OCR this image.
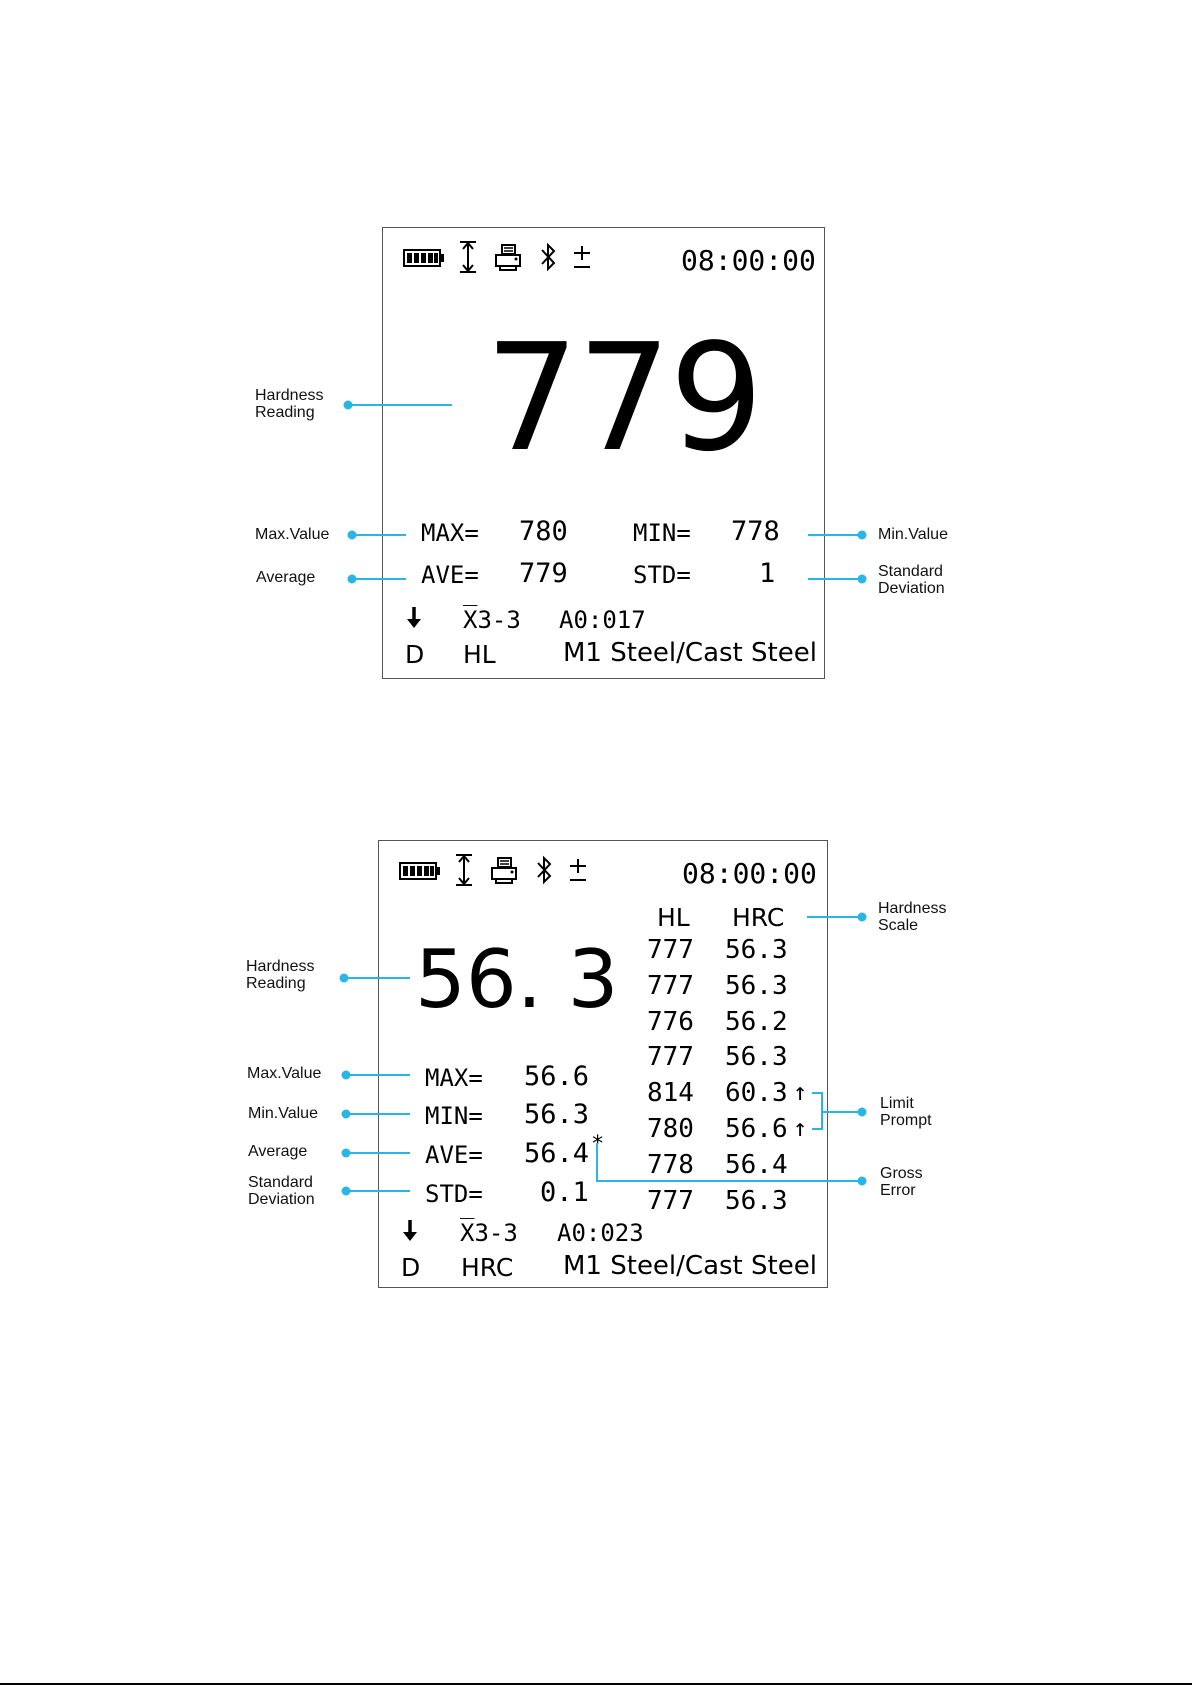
08:00:00
779
MAX= 780	MIN= 778
AVE= 779	STD=	1
X̅3-3 A0:017
D HL	M1 Steel/Cast Steel
08:00:00
56. 3
MAX= 56.6
MIN= 56.3
AVE= 56.4 *
STD= 0.1
HL HRC
777 56.3
777 56.3
776 56.2
777 56.3
814 60.3 ↑
780 56.6 ↑
778 56.4
777 56.3
X̅3-3 A0:023
D HRC M1 Steel/Cast Steel
Hardness
Reading
Max.Value
Average
Min.Value
Standard
Deviation
Hardness
Reading
Max.Value
Min.Value
Average
Standard
Deviation
Hardness
Scale
Limit
Prompt
Gross
Error
